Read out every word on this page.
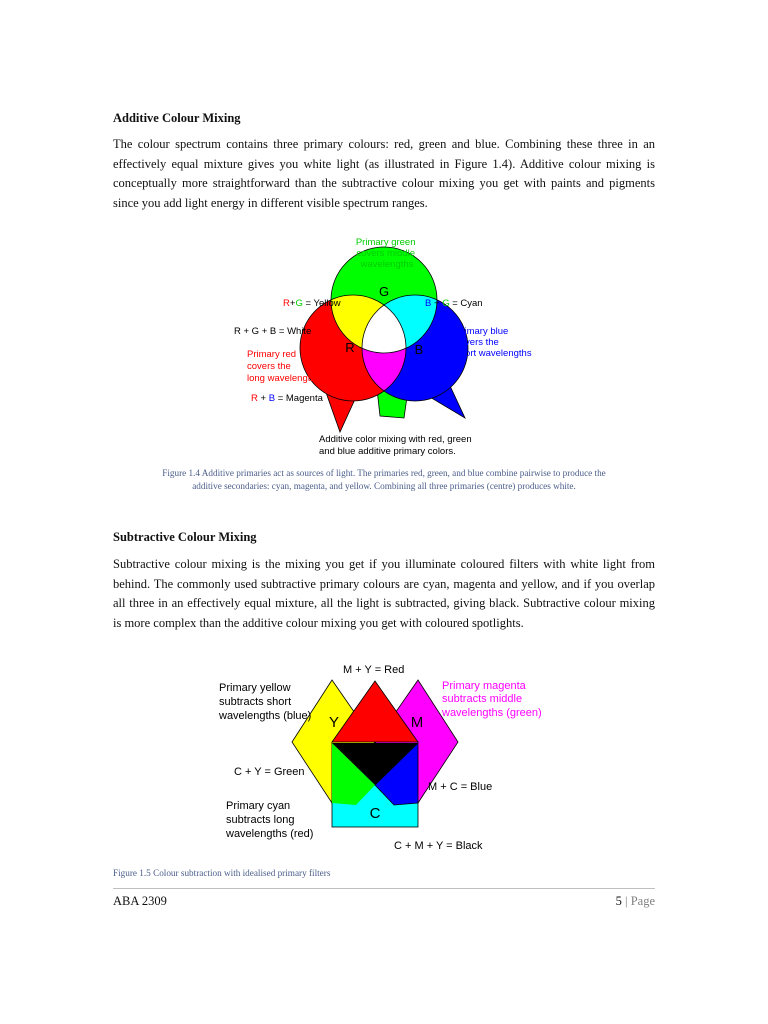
Additive Colour Mixing

The colour spectrum contains three primary colours: red, green and blue. Combining these three in an effectively equal mixture gives you white light (as illustrated in Figure 1.4). Additive colour mixing is conceptually more straightforward than the subtractive colour mixing you get with paints and pigments since you add light energy in different visible spectrum ranges.

G
R	B
Primary green covers middle wavelengths
R+G = Yellow	B + G = Cyan
R + G + B = White
Primary red covers the long wavelengths
Primary blue covers the short wavelengths
R + B = Magenta
Additive color mixing with red, green and blue additive primary colors.

Figure 1.4 Additive primaries act as sources of light. The primaries red, green, and blue combine pairwise to produce the
additive secondaries: cyan, magenta, and yellow. Combining all three primaries (centre) produces white.

Subtractive Colour Mixing

Subtractive colour mixing is the mixing you get if you illuminate coloured filters with white light from behind. The commonly used subtractive primary colours are cyan, magenta and yellow, and if you overlap all three in an effectively equal mixture, all the light is subtracted, giving black. Subtractive colour mixing is more complex than the additive colour mixing you get with coloured spotlights.

Y	M
C
M + Y = Red
Primary yellow subtracts short wavelengths (blue)
Primary magenta subtracts middle wavelengths (green)
C + Y = Green
M + C = Blue
Primary cyan subtracts long wavelengths (red)
C + M + Y = Black

Figure 1.5 Colour subtraction with idealised primary filters

ABA 2309	5 | Page
